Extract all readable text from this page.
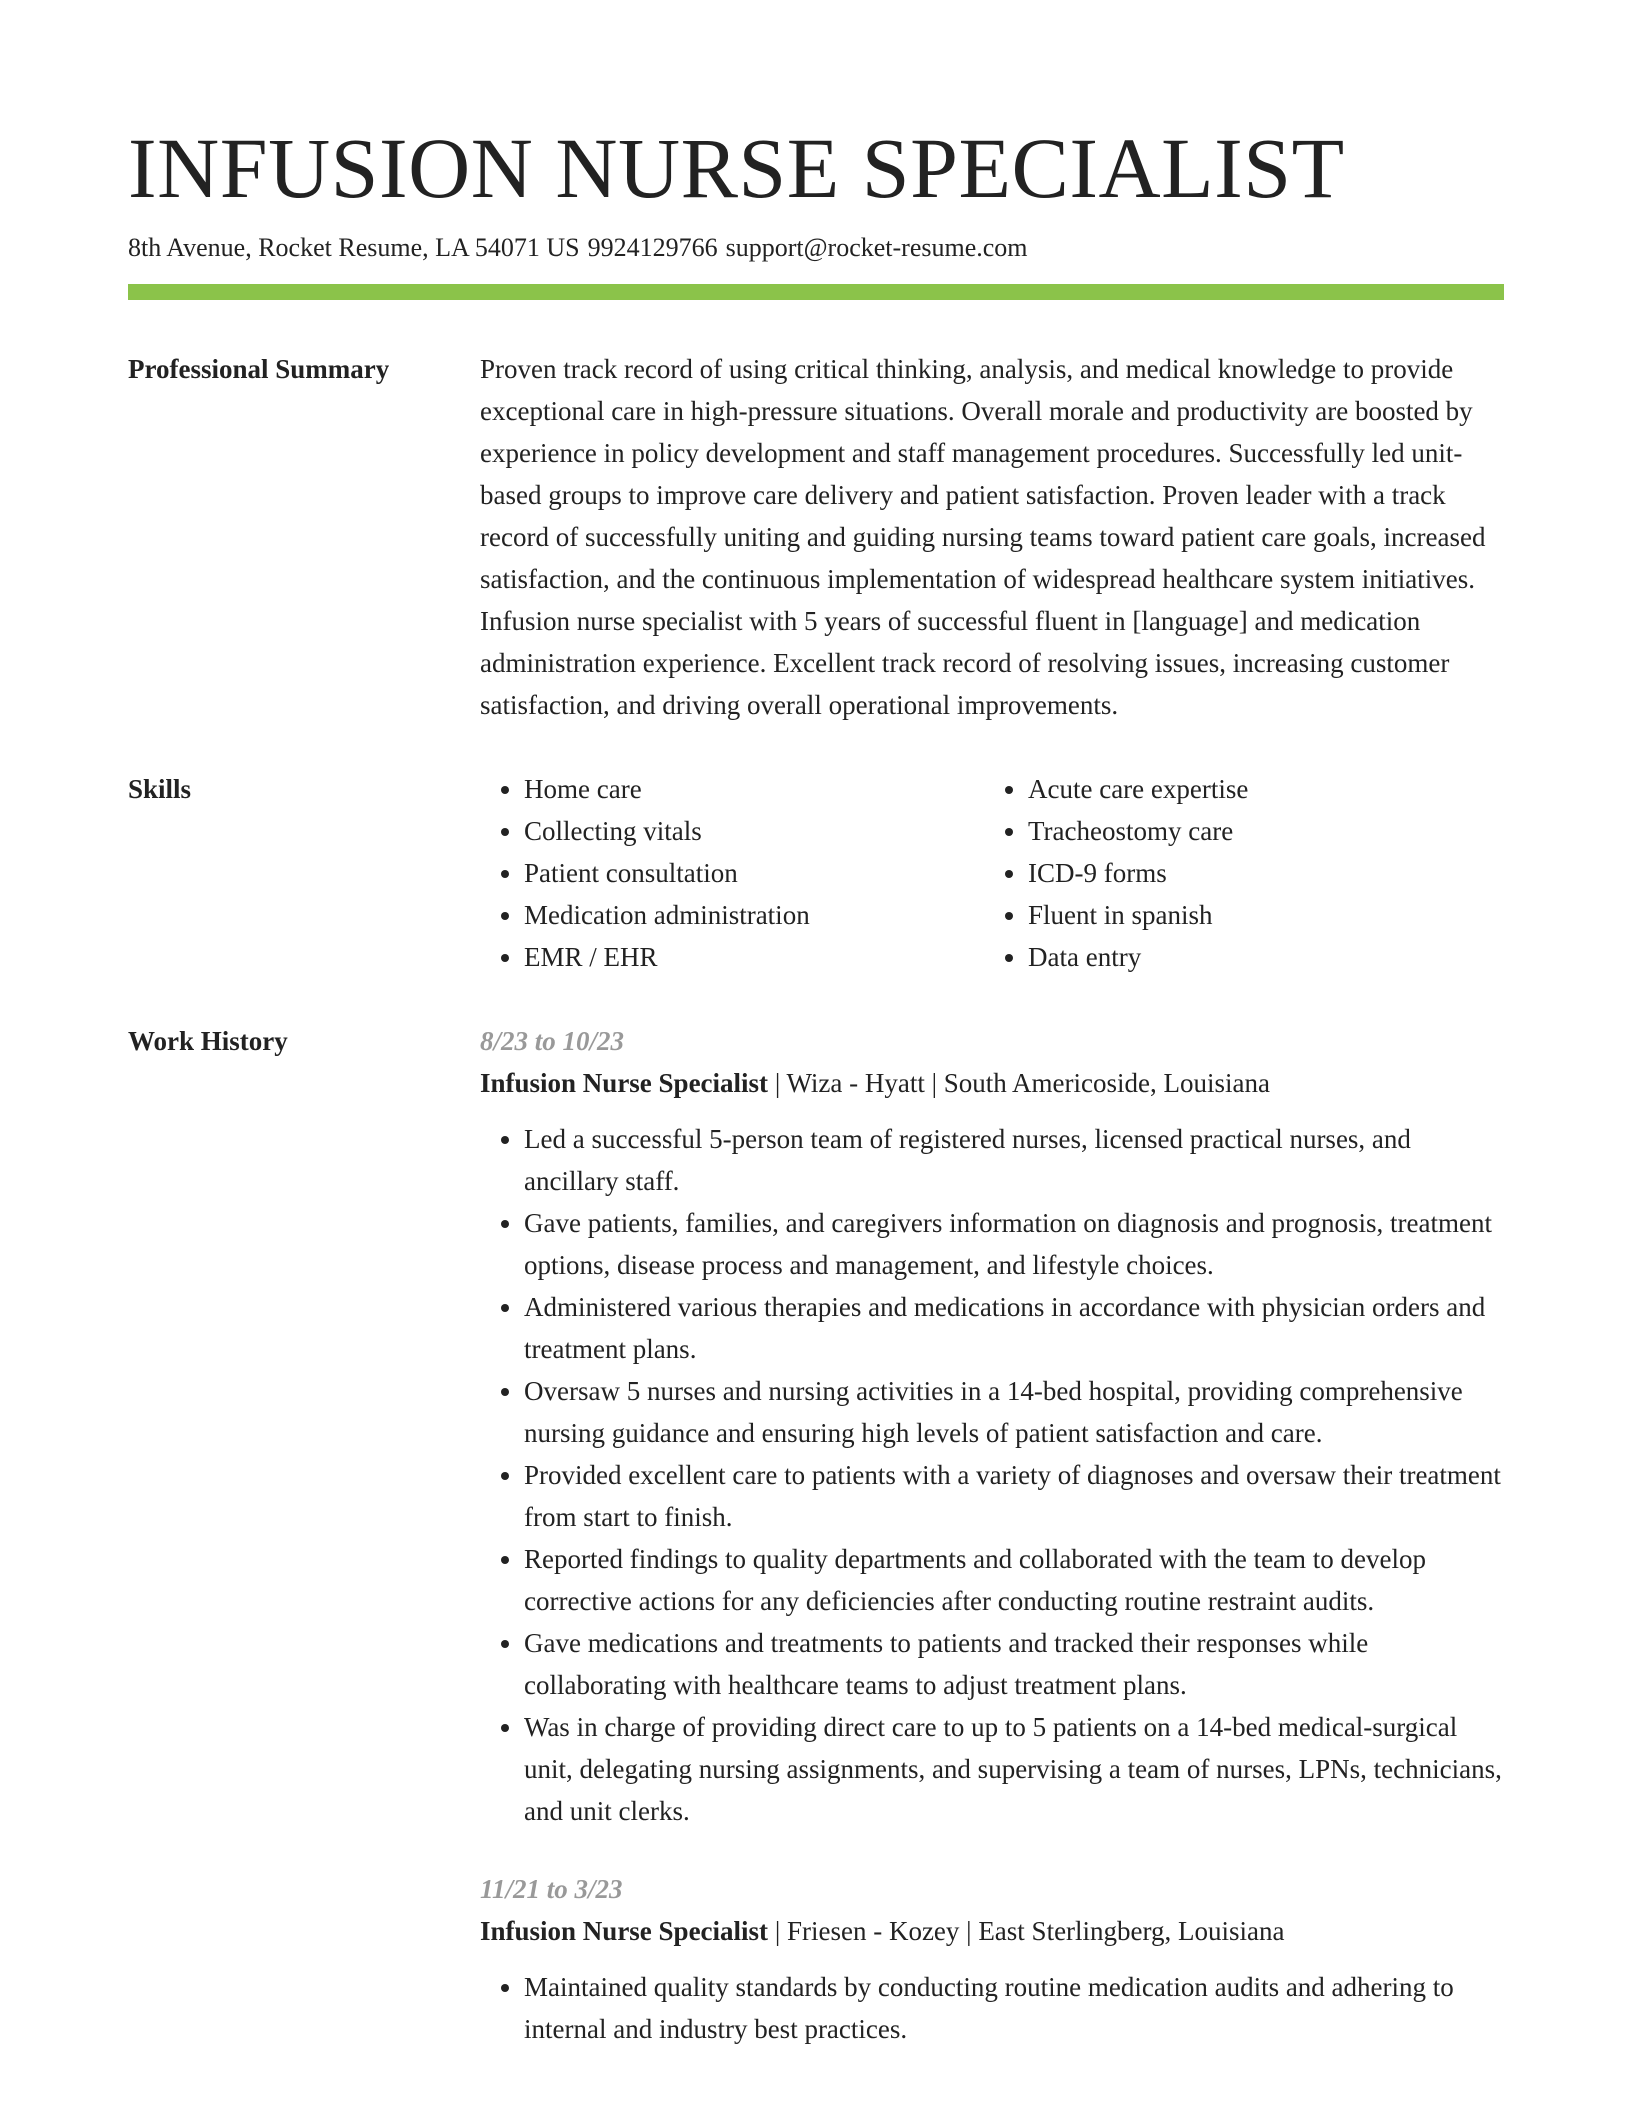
INFUSION NURSE SPECIALIST
8th Avenue, Rocket Resume, LA 54071 US 9924129766 support@rocket-resume.com
Professional Summary	Proven track record of using critical thinking, analysis, and medical knowledge to provide exceptional care in high-pressure situations. Overall morale and productivity are boosted by experience in policy development and staff management procedures. Successfully led unit-based groups to improve care delivery and patient satisfaction. Proven leader with a track record of successfully uniting and guiding nursing teams toward patient care goals, increased satisfaction, and the continuous implementation of widespread healthcare system initiatives. Infusion nurse specialist with 5 years of successful fluent in [language] and medication administration experience. Excellent track record of resolving issues, increasing customer satisfaction, and driving overall operational improvements.

Skills
•	Home care
• Collecting vitals
• Patient consultation
• Medication administration
• EMR / EHR
• Acute care expertise
• Tracheostomy care
• ICD-9 forms
• Fluent in spanish
• Data entry
Work History	8/23 to 10/23
Infusion Nurse Specialist | Wiza - Hyatt | South Americoside, Louisiana
• Led a successful 5-person team of registered nurses, licensed practical nurses, and ancillary staff.
• Gave patients, families, and caregivers information on diagnosis and prognosis, treatment options, disease process and management, and lifestyle choices.
• Administered various therapies and medications in accordance with physician orders and treatment plans.
• Oversaw 5 nurses and nursing activities in a 14-bed hospital, providing comprehensive nursing guidance and ensuring high levels of patient satisfaction and care.
• Provided excellent care to patients with a variety of diagnoses and oversaw their treatment from start to finish.
• Reported findings to quality departments and collaborated with the team to develop corrective actions for any deficiencies after conducting routine restraint audits.
• Gave medications and treatments to patients and tracked their responses while collaborating with healthcare teams to adjust treatment plans.
• Was in charge of providing direct care to up to 5 patients on a 14-bed medical-surgical unit, delegating nursing assignments, and supervising a team of nurses, LPNs, technicians, and unit clerks.
11/21 to 3/23
Infusion Nurse Specialist | Friesen - Kozey | East Sterlingberg, Louisiana
• Maintained quality standards by conducting routine medication audits and adhering to internal and industry best practices.
